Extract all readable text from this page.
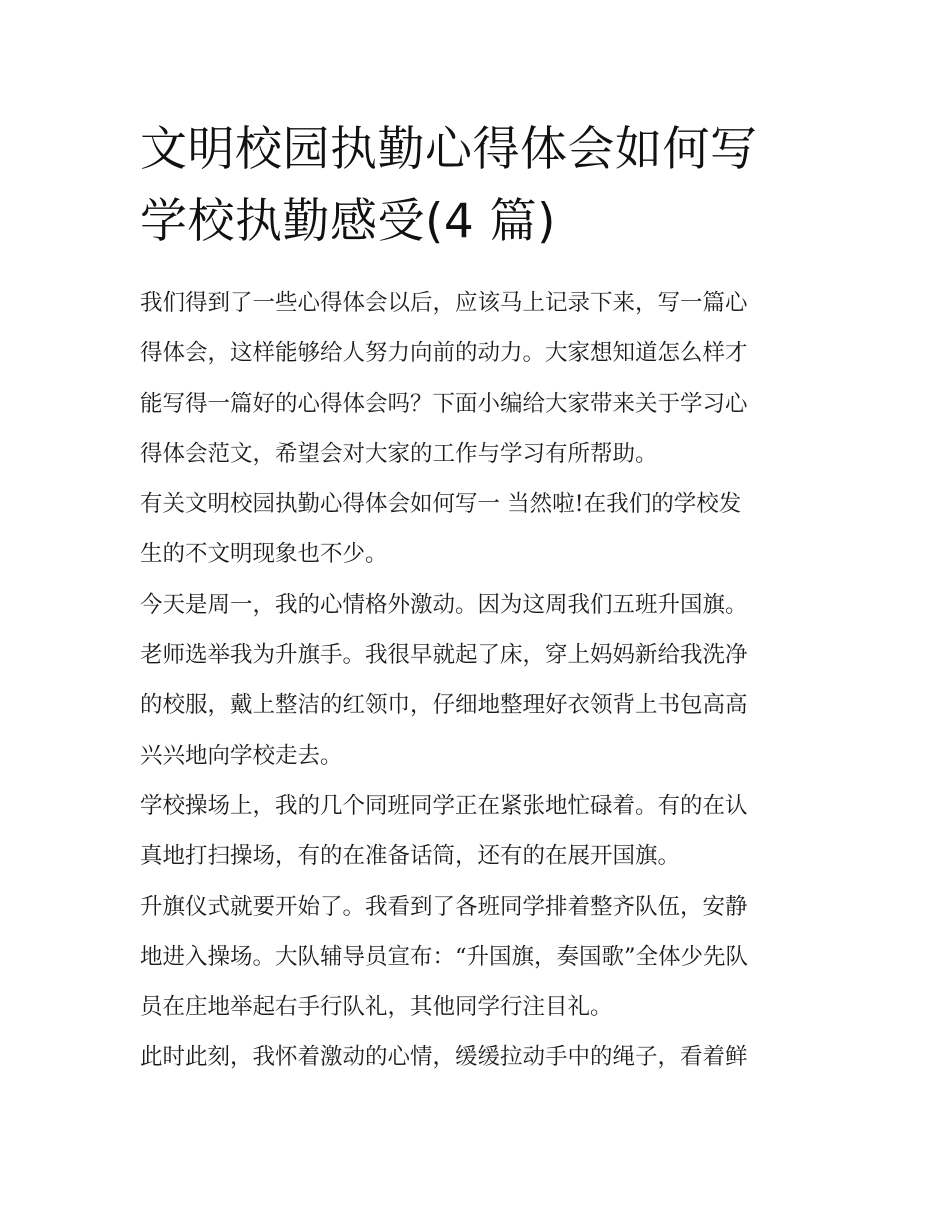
文明校园执勤心得体会如何写
学校执勤感受(4 篇)
我们得到了一些心得体会以后，应该马上记录下来，写一篇心
得体会，这样能够给人努力向前的动力。大家想知道怎么样才
能写得一篇好的心得体会吗？下面小编给大家带来关于学习心
得体会范文，希望会对大家的工作与学习有所帮助。
有关文明校园执勤心得体会如何写一 当然啦!在我们的学校发
生的不文明现象也不少。
今天是周一，我的心情格外激动。因为这周我们五班升国旗。
老师选举我为升旗手。我很早就起了床，穿上妈妈新给我洗净
的校服，戴上整洁的红领巾，仔细地整理好衣领背上书包高高
兴兴地向学校走去。
学校操场上，我的几个同班同学正在紧张地忙碌着。有的在认
真地打扫操场，有的在准备话筒，还有的在展开国旗。
升旗仪式就要开始了。我看到了各班同学排着整齐队伍，安静
地进入操场。大队辅导员宣布：“升国旗，奏国歌”全体少先队
员在庄地举起右手行队礼，其他同学行注目礼。
此时此刻，我怀着激动的心情，缓缓拉动手中的绳子，看着鲜
